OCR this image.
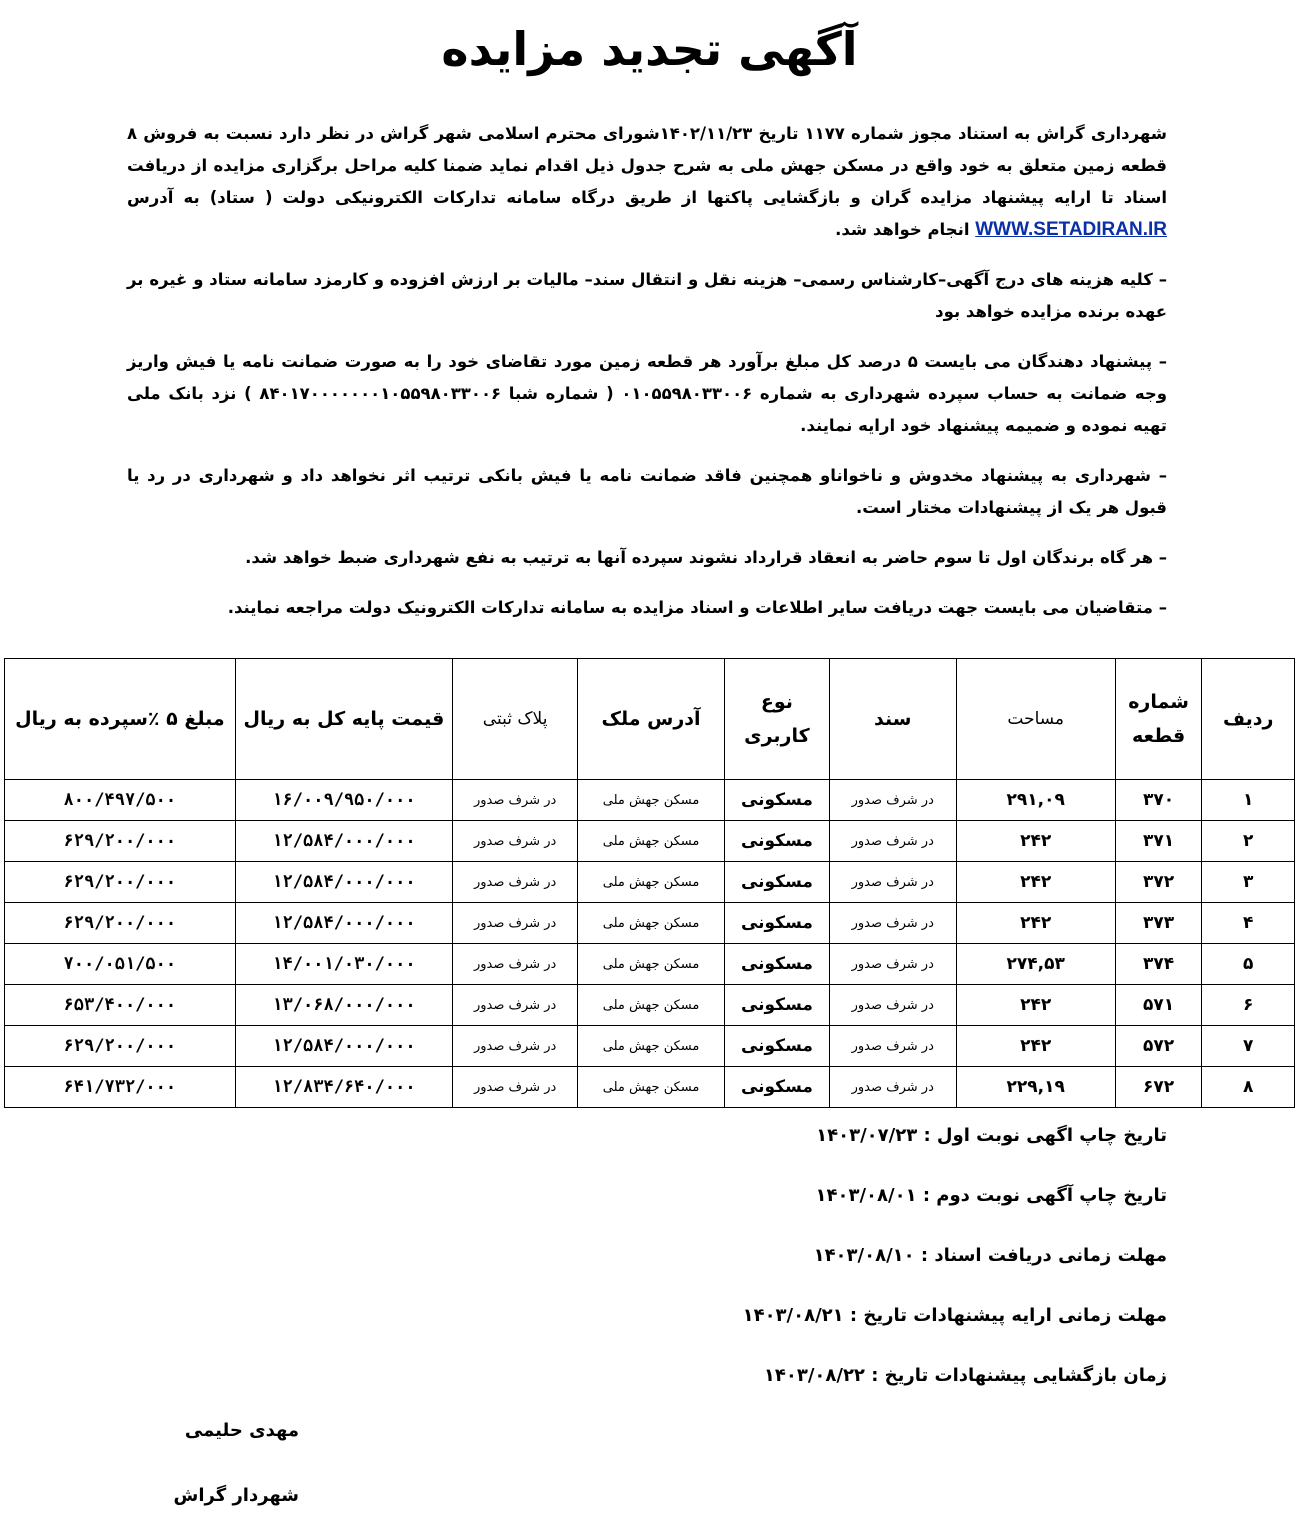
آگهی تجدید مزایده

شهرداری گراش به استناد مجوز شماره ۱۱۷۷ تاریخ ۱۴۰۲/۱۱/۲۳شورای محترم اسلامی شهر گراش در نظر دارد نسبت به فروش ۸ قطعه زمین متعلق به خود واقع در مسکن جهش ملی به شرح جدول ذیل اقدام نماید ضمنا کلیه مراحل برگزاری مزایده از دریافت اسناد تا ارایه پیشنهاد مزایده گران و بازگشایی پاکتها از طریق درگاه سامانه تدارکات الکترونیکی دولت ( ستاد) به آدرس WWW.SETADIRAN.IR انجام خواهد شد.

– کلیه هزینه های درج آگهی–کارشناس رسمی– هزینه نقل و انتقال سند– مالیات بر ارزش افزوده و کارمزد سامانه ستاد و غیره بر عهده برنده مزایده خواهد بود

– پیشنهاد دهندگان می بایست ۵ درصد کل مبلغ برآورد هر قطعه زمین مورد تقاضای خود را به صورت ضمانت نامه یا فیش واریز وجه ضمانت به حساب سپرده شهرداری به شماره ۰۱۰۵۵۹۸۰۳۳۰۰۶ ( شماره شبا ۸۴۰۱۷۰۰۰۰۰۰۰۱۰۵۵۹۸۰۳۳۰۰۶ ) نزد بانک ملی تهیه نموده و ضمیمه پیشنهاد خود ارایه نمایند.

– شهرداری به پیشنهاد مخدوش و ناخواناو همچنین فاقد ضمانت نامه یا فیش بانکی ترتیب اثر نخواهد داد و شهرداری در رد یا قبول هر یک از پیشنهادات مختار است.

– هر گاه برندگان اول تا سوم حاضر به انعقاد قرارداد نشوند سپرده آنها به ترتیب به نفع شهرداری ضبط خواهد شد.

– متقاضیان می بایست جهت دریافت سایر اطلاعات و اسناد مزایده به سامانه تدارکات الکترونیک دولت مراجعه نمایند.

ردیف	شماره قطعه	مساحت	سند	نوع کاربری	آدرس ملک	پلاک ثبتی	قیمت پایه کل به ریال	مبلغ ۵ ٪سپرده به ریال
۱	۳۷۰	۲۹۱,۰۹	در شرف صدور	مسکونی	مسکن جهش ملی	در شرف صدور	۱۶/۰۰۹/۹۵۰/۰۰۰	۸۰۰/۴۹۷/۵۰۰
۲	۳۷۱	۲۴۲	در شرف صدور	مسکونی	مسکن جهش ملی	در شرف صدور	۱۲/۵۸۴/۰۰۰/۰۰۰	۶۲۹/۲۰۰/۰۰۰
۳	۳۷۲	۲۴۲	در شرف صدور	مسکونی	مسکن جهش ملی	در شرف صدور	۱۲/۵۸۴/۰۰۰/۰۰۰	۶۲۹/۲۰۰/۰۰۰
۴	۳۷۳	۲۴۲	در شرف صدور	مسکونی	مسکن جهش ملی	در شرف صدور	۱۲/۵۸۴/۰۰۰/۰۰۰	۶۲۹/۲۰۰/۰۰۰
۵	۳۷۴	۲۷۴,۵۳	در شرف صدور	مسکونی	مسکن جهش ملی	در شرف صدور	۱۴/۰۰۱/۰۳۰/۰۰۰	۷۰۰/۰۵۱/۵۰۰
۶	۵۷۱	۲۴۲	در شرف صدور	مسکونی	مسکن جهش ملی	در شرف صدور	۱۳/۰۶۸/۰۰۰/۰۰۰	۶۵۳/۴۰۰/۰۰۰
۷	۵۷۲	۲۴۲	در شرف صدور	مسکونی	مسکن جهش ملی	در شرف صدور	۱۲/۵۸۴/۰۰۰/۰۰۰	۶۲۹/۲۰۰/۰۰۰
۸	۶۷۲	۲۲۹,۱۹	در شرف صدور	مسکونی	مسکن جهش ملی	در شرف صدور	۱۲/۸۳۴/۶۴۰/۰۰۰	۶۴۱/۷۳۲/۰۰۰

تاریخ چاپ اگهی نوبت اول : ۱۴۰۳/۰۷/۲۳

تاریخ چاپ آگهی نوبت دوم : ۱۴۰۳/۰۸/۰۱

مهلت زمانی دریافت اسناد : ۱۴۰۳/۰۸/۱۰

مهلت زمانی ارایه پیشنهادات تاریخ : ۱۴۰۳/۰۸/۲۱

زمان بازگشایی پیشنهادات تاریخ : ۱۴۰۳/۰۸/۲۲

مهدی حلیمی

شهردار گراش
